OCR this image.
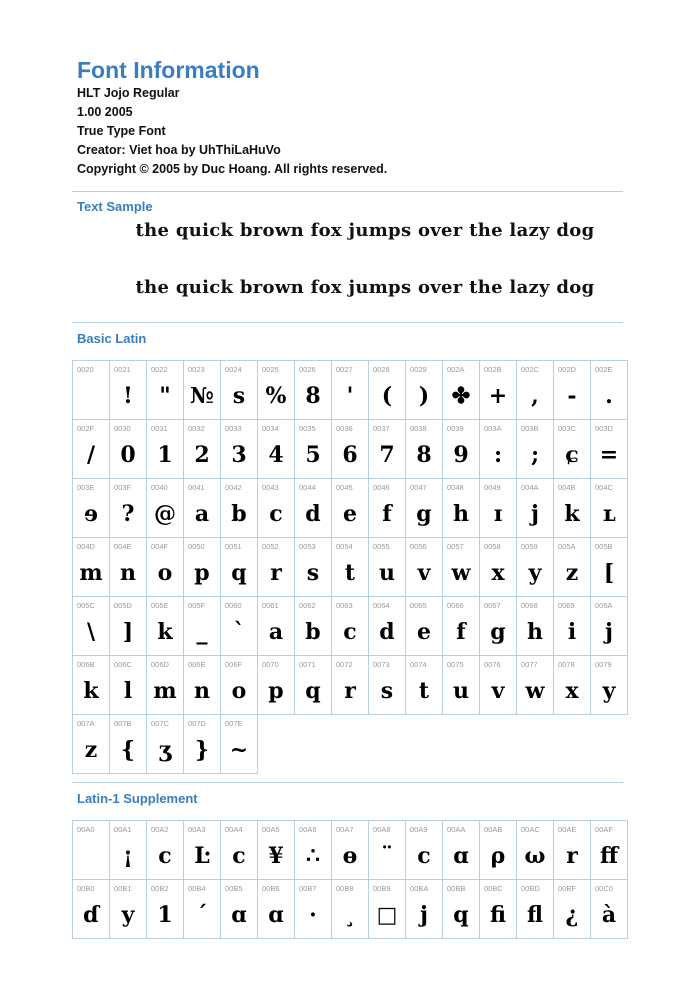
Font Information
HLT Jojo Regular
1.00 2005
True Type Font
Creator: Viet hoa by UhThiLaHuVo
Copyright © 2005 by Duc Hoang. All rights reserved.
Text Sample
the quick brown fox jumps over the lazy dog
the quick brown fox jumps over the lazy dog
Basic Latin
0020	0021
!
0022
"
0023
№
0024
s
0025
%
0026
8
0027
'
0028
(
0029
)
002A
✤
002B
+
002C
,
002D
-
002E
.
002F
/
0030
0
0031
1
0032
2
0033
3
0034
4
0035
5
0036
6
0037
7
0038
8
0039
9
003A
:
003B
;
003C
ɕ
003D
=
003E
ɘ
003F
?
0040
@
0041
a
0042
b
0043
c
0044
d
0045
e
0046
f
0047
g
0048
h
0049
ɪ
004A
j
004B
k
004C
ʟ
004D
m
004E
n
004F
o
0050
p
0051
q
0052
r
0053
s
0054
t
0055
u
0056
v
0057
w
0058
x
0059
y
005A
z
005B
[
005C
\
005D
]
005E
k
005F
_
0060
`
0061
a
0062
b
0063
c
0064
d
0065
e
0066
f
0067
g
0068
h
0069
i
006A
j
006B
k
006C
l
006D
m
006E
n
006F
o
0070
p
0071
q
0072
r
0073
s
0074
t
0075
u
0076
v
0077
w
0078
x
0079
y
007A
z
007B
{
007C
ʒ
007D
}
007E
~
Latin-1 Supplement
00A0	00A1
¡
00A2
c
00A3
Ŀ
00A4
c
00A5
¥
00A6
∴
00A7
ɵ
00A8
¨
00A9
c
00AA
ɑ
00AB
ρ
00AC
ω
00AE
r
00AF
ff
00B0
ɗ
00B1
y
00B2
1
00B4
´
00B5
ɑ
00B6
ɑ
00B7
·
00B8
¸
00B9
□
00BA
j
00BB
q
00BC
fi
00BD
fl
00BF
¿
00C0
à
